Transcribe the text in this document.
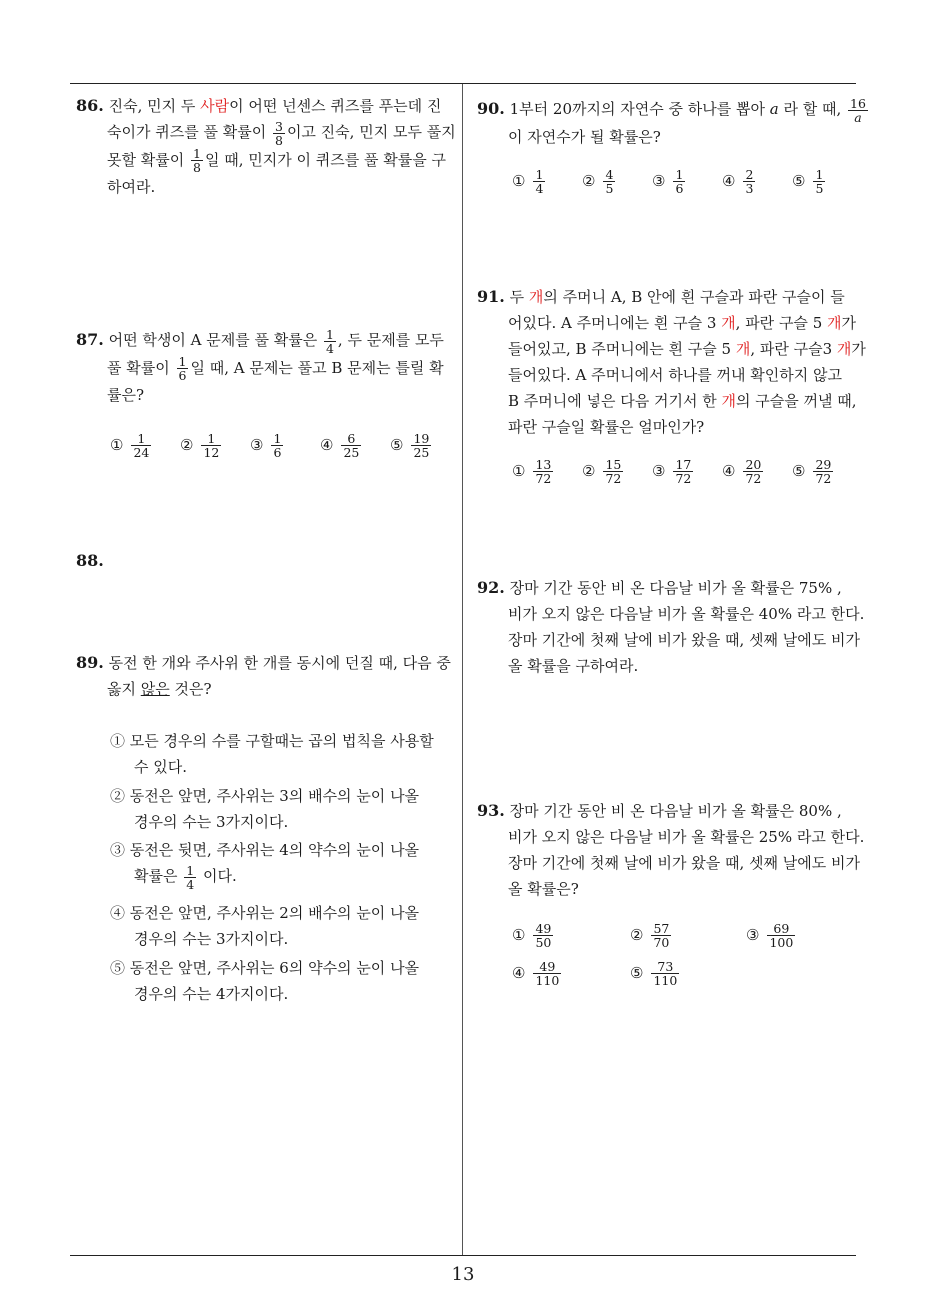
13
86. 진숙, 민지 두 사람이 어떤 넌센스 퀴즈를 푸는데 진
숙이가 퀴즈를 풀 확률이 $\frac{3}{8}$ 이고 진숙, 민지 모두 풀지
못할 확률이 $\frac{1}{8}$ 일 때, 민지가 이 퀴즈를 풀 확률을 구
하여라.
87. 어떤 학생이 A 문제를 풀 확률은 $\frac{1}{4}$ , 두 문제를 모두
풀 확률이 $\frac{1}{6}$ 일 때, A 문제는 풀고 B 문제는 틀릴 확
률은?
① $\frac{1}{24}$ ② $\frac{1}{12}$ ③ $\frac{1}{6}$ ④ $\frac{6}{25}$ ⑤ $\frac{19}{25}$
88.
89. 동전 한 개와 주사위 한 개를 동시에 던질 때, 다음 중
옳지 않은 것은?
① 모든 경우의 수를 구할때는 곱의 법칙을 사용할
수 있다.
② 동전은 앞면, 주사위는 3의 배수의 눈이 나올
경우의 수는 3가지이다.
③ 동전은 뒷면, 주사위는 4의 약수의 눈이 나올
확률은 $\frac{1}{4}$ 이다.
④ 동전은 앞면, 주사위는 2의 배수의 눈이 나올
경우의 수는 3가지이다.
⑤ 동전은 앞면, 주사위는 6의 약수의 눈이 나올
경우의 수는 4가지이다.
90. 1부터 20까지의 자연수 중 하나를 뽑아 a 라 할 때, $\frac{16}{a}$
이 자연수가 될 확률은?
① $\frac{1}{4}$ ② $\frac{4}{5}$ ③ $\frac{1}{6}$ ④ $\frac{2}{3}$ ⑤ $\frac{1}{5}$
91. 두 개의 주머니 A, B 안에 흰 구슬과 파란 구슬이 들
어있다. A 주머니에는 흰 구슬 3 개, 파란 구슬 5 개가
들어있고, B 주머니에는 흰 구슬 5 개, 파란 구슬3 개가
들어있다. A 주머니에서 하나를 꺼내 확인하지 않고
B 주머니에 넣은 다음 거기서 한 개의 구슬을 꺼낼 때,
파란 구슬일 확률은 얼마인가?
① $\frac{13}{72}$ ② $\frac{15}{72}$ ③ $\frac{17}{72}$ ④ $\frac{20}{72}$ ⑤ $\frac{29}{72}$
92. 장마 기간 동안 비 온 다음날 비가 올 확률은 75% ,
비가 오지 않은 다음날 비가 올 확률은 40% 라고 한다.
장마 기간에 첫째 날에 비가 왔을 때, 셋째 날에도 비가
올 확률을 구하여라.
93. 장마 기간 동안 비 온 다음날 비가 올 확률은 80% ,
비가 오지 않은 다음날 비가 올 확률은 25% 라고 한다.
장마 기간에 첫째 날에 비가 왔을 때, 셋째 날에도 비가
올 확률은?
① $\frac{49}{50}$	② $\frac{57}{70}$	③ $\frac{69}{100}$
④ $\frac{49}{110}$	⑤ $\frac{73}{110}$
